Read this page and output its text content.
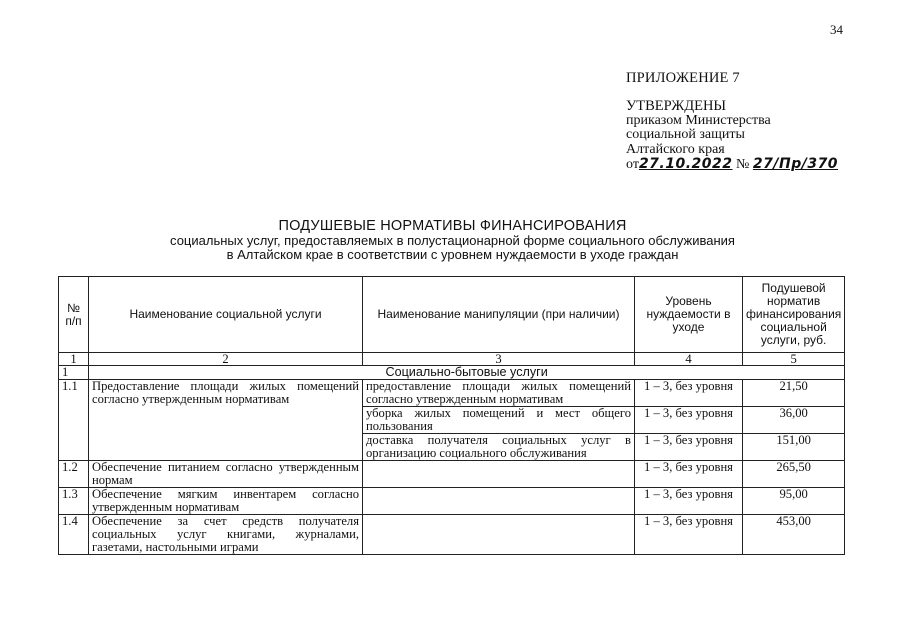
34
ПРИЛОЖЕНИЕ 7
УТВЕРЖДЕНЫ
приказом Министерства
социальной защиты
Алтайского края
от27.10.2022 № 27/Пр/370
ПОДУШЕВЫЕ НОРМАТИВЫ ФИНАНСИРОВАНИЯ
социальных услуг, предоставляемых в полустационарной форме социального обслуживания
в Алтайском крае в соответствии с уровнем нуждаемости в уходе граждан
№ п/п	Наименование социальной услуги	Наименование манипуляции (при наличии)	Уровень нуждаемости в уходе	Подушевой норматив финансирования социальной услуги, руб.
1	2	3	4	5
1	Социально-бытовые услуги			
1.1	Предоставление площади жилых помещений согласно утвержденным нормативам	предоставление площади жилых помещений согласно утвержденным нормативам	1 – 3, без уровня	21,50
		уборка жилых помещений и мест общего пользования	1 – 3, без уровня	36,00
		доставка получателя социальных услуг в организацию социального обслуживания	1 – 3, без уровня	151,00
1.2	Обеспечение питанием согласно утвержденным нормам		1 – 3, без уровня	265,50
1.3	Обеспечение мягким инвентарем согласно утвержденным нормативам		1 – 3, без уровня	95,00
1.4	Обеспечение за счет средств получателя социальных услуг книгами, журналами, газетами, настольными играми		1 – 3, без уровня	453,00
